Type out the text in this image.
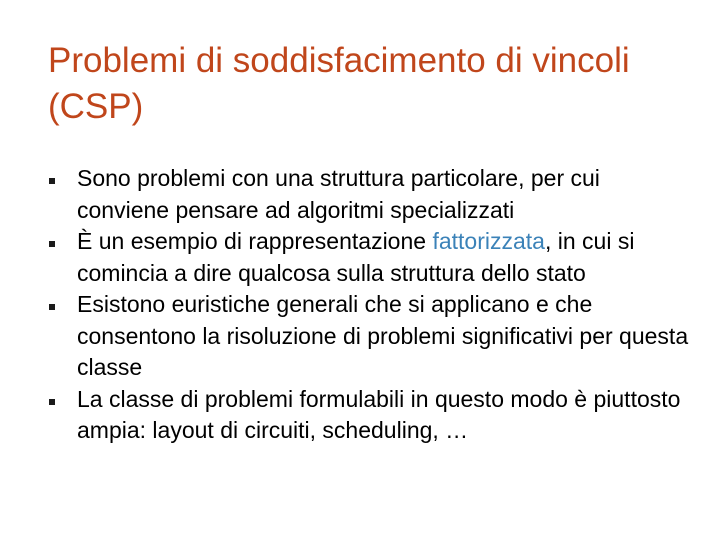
Problemi di soddisfacimento di vincoli (CSP)
Sono problemi con una struttura particolare, per cui conviene pensare ad algoritmi specializzati
È un esempio di rappresentazione fattorizzata, in cui si comincia a dire qualcosa sulla struttura dello stato
Esistono euristiche generali che si applicano e che consentono la risoluzione di problemi significativi per questa classe
La classe di problemi formulabili in questo modo è piuttosto ampia: layout di circuiti, scheduling, …
